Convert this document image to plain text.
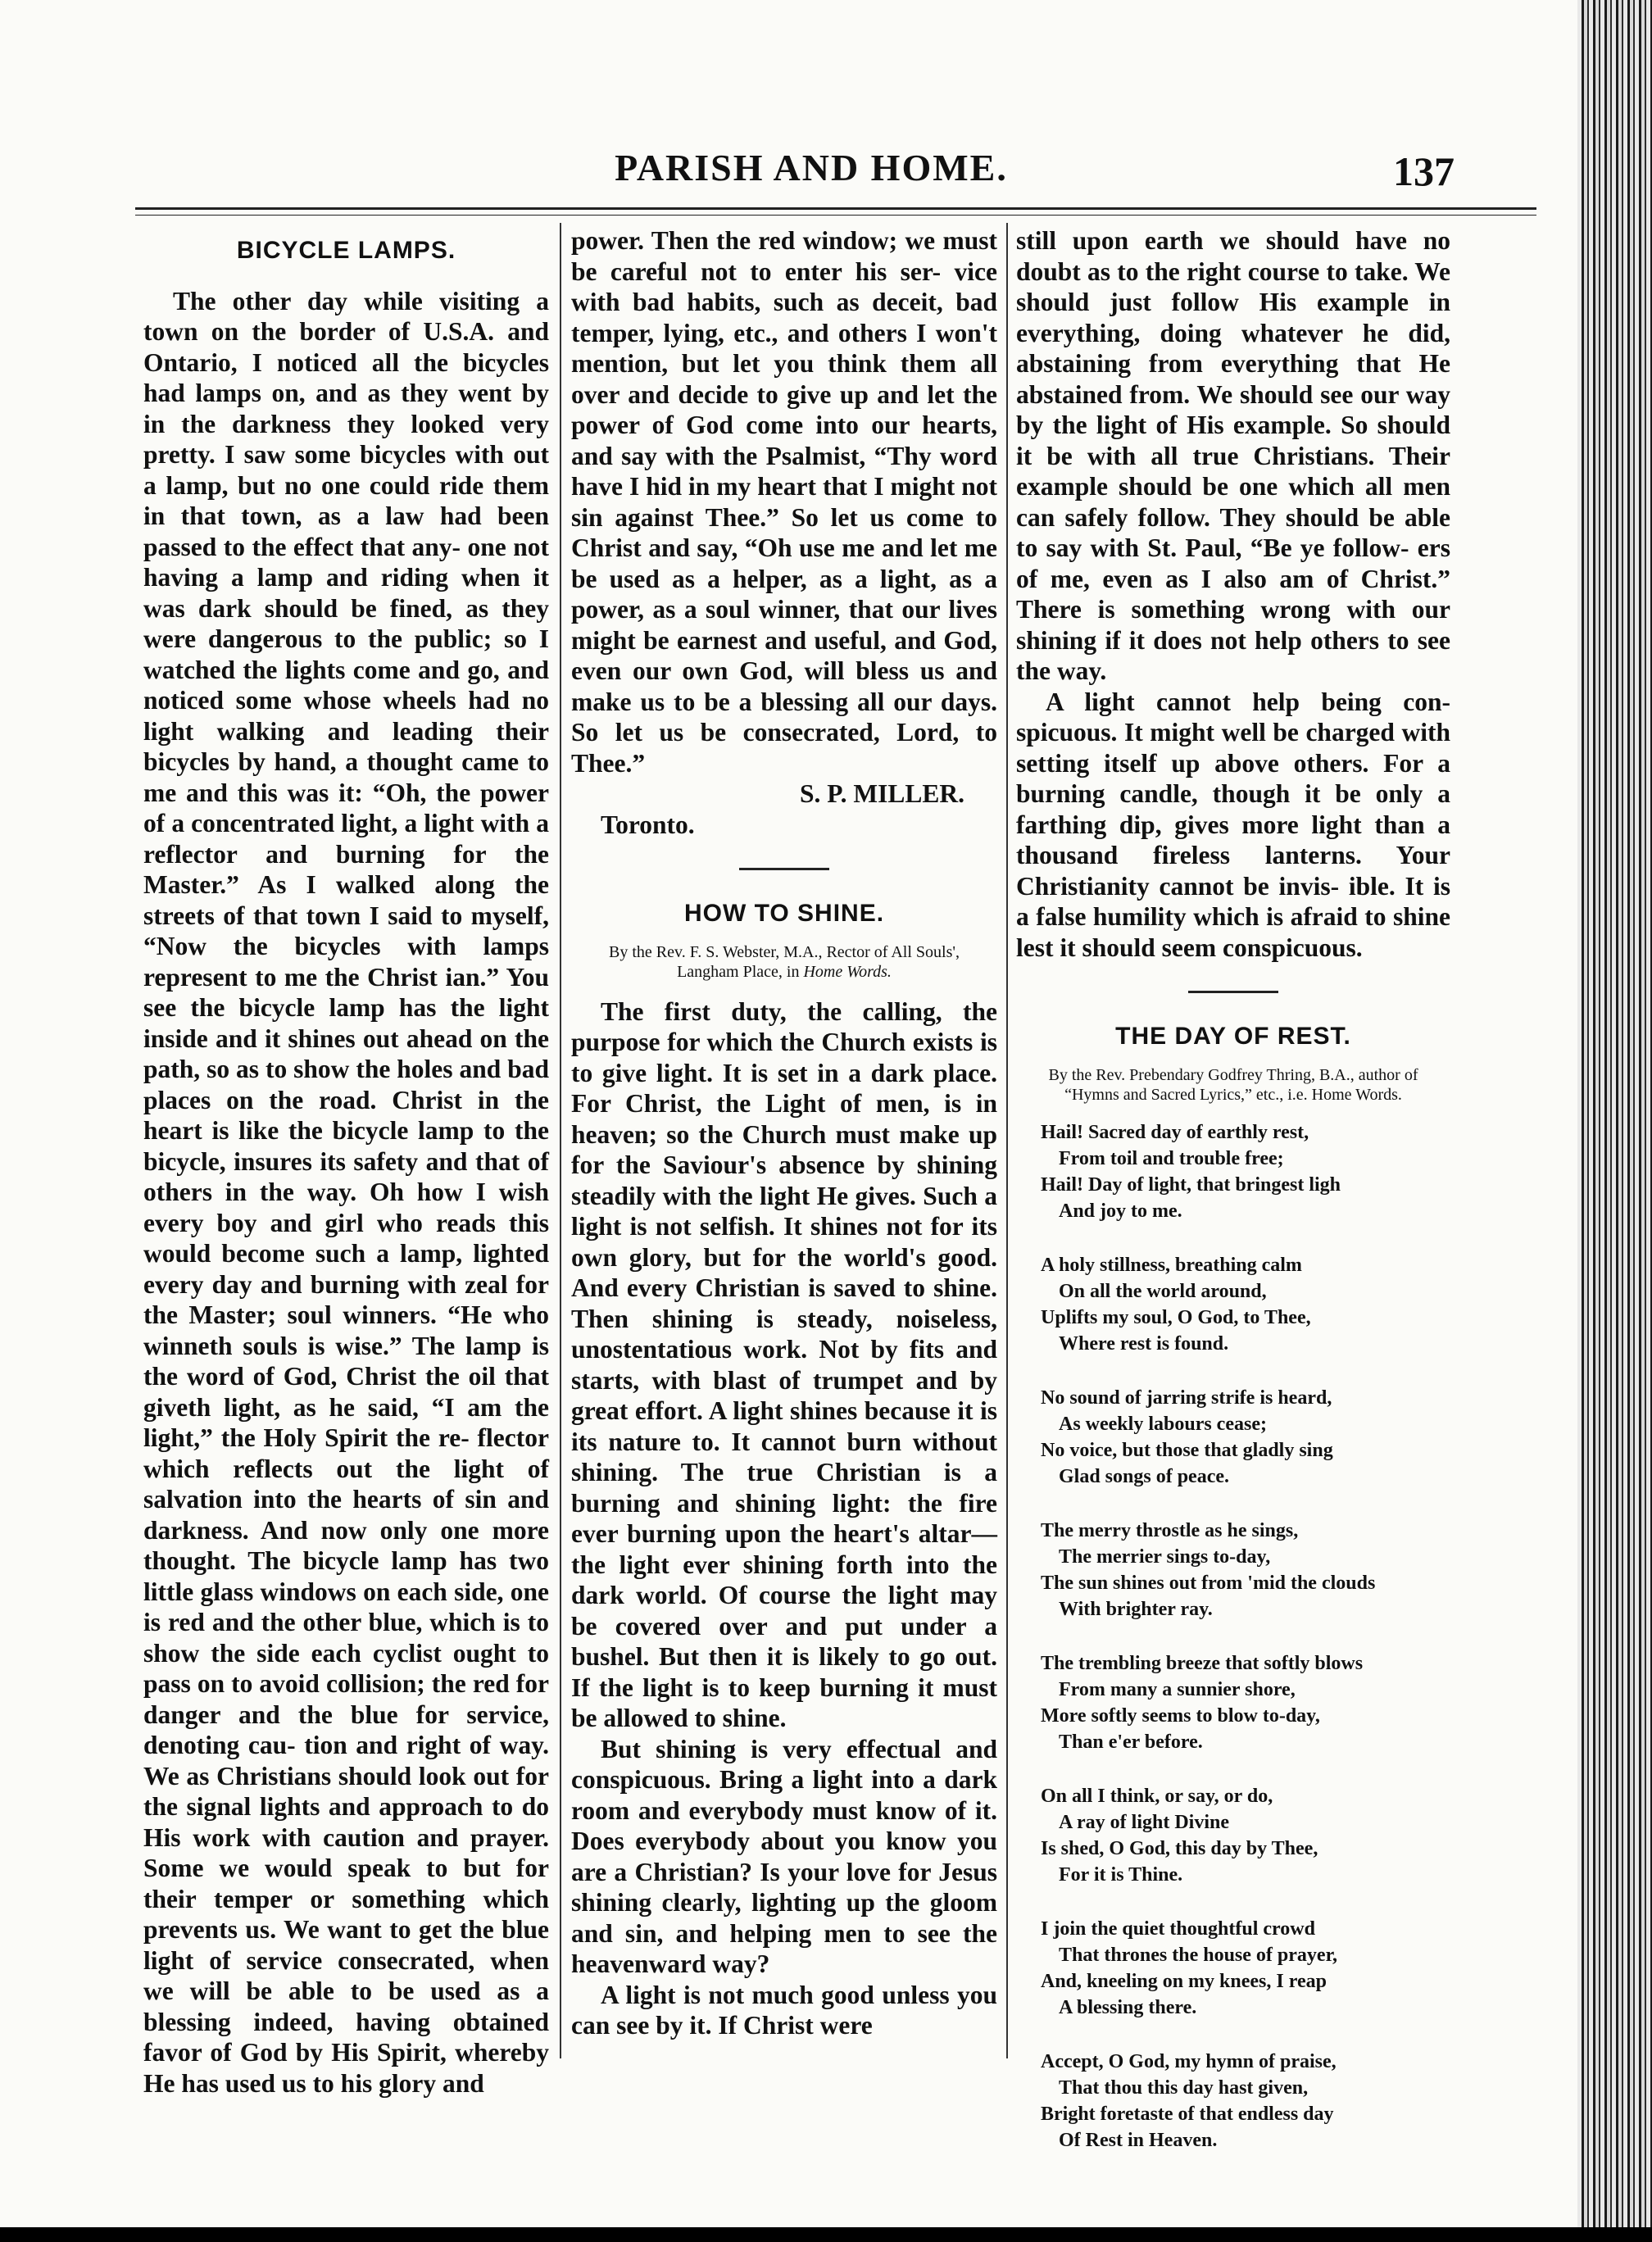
PARISH AND HOME.	137
BICYCLE LAMPS.

The other day while visiting a town on the border of U.S.A. and Ontario, I noticed all the bicycles had lamps on, and as they went by in the darkness they looked very pretty. I saw some bicycles with out a lamp, but no one could ride them in that town, as a law had been passed to the effect that any- one not having a lamp and riding when it was dark should be fined, as they were dangerous to the public; so I watched the lights come and go, and noticed some whose wheels had no light walking and leading their bicycles by hand, a thought came to me and this was it: “Oh, the power of a concentrated light, a light with a reflector and burning for the Master.” As I walked along the streets of that town I said to myself, “Now the bicycles with lamps represent to me the Christ ian.” You see the bicycle lamp has the light inside and it shines out ahead on the path, so as to show the holes and bad places on the road. Christ in the heart is like the bicycle lamp to the bicycle, insures its safety and that of others in the way. Oh how I wish every boy and girl who reads this would become such a lamp, lighted every day and burning with zeal for the Master; soul winners. “He who winneth souls is wise.” The lamp is the word of God, Christ the oil that giveth light, as he said, “I am the light,” the Holy Spirit the re- flector which reflects out the light of salvation into the hearts of sin and darkness. And now only one more thought. The bicycle lamp has two little glass windows on each side, one is red and the other blue, which is to show the side each cyclist ought to pass on to avoid collision; the red for danger and the blue for service, denoting cau- tion and right of way. We as Christians should look out for the signal lights and approach to do His work with caution and prayer. Some we would speak to but for their temper or something which prevents us. We want to get the blue light of service consecrated, when we will be able to be used as a blessing indeed, having obtained favor of God by His Spirit, whereby He has used us to his glory and

power. Then the red window; we must be careful not to enter his ser- vice with bad habits, such as deceit, bad temper, lying, etc., and others I won't mention, but let you think them all over and decide to give up and let the power of God come into our hearts, and say with the Psalmist, “Thy word have I hid in my heart that I might not sin against Thee.” So let us come to Christ and say, “Oh use me and let me be used as a helper, as a light, as a power, as a soul winner, that our lives might be earnest and useful, and God, even our own God, will bless us and make us to be a blessing all our days. So let us be consecrated, Lord, to Thee.”

S. P. MILLER.

Toronto.

HOW TO SHINE.
By the Rev. F. S. Webster, M.A., Rector of All Souls', Langham Place, in Home Words.

The first duty, the calling, the purpose for which the Church exists is to give light. It is set in a dark place. For Christ, the Light of men, is in heaven; so the Church must make up for the Saviour's absence by shining steadily with the light He gives. Such a light is not selfish. It shines not for its own glory, but for the world's good. And every Christian is saved to shine. Then shining is steady, noiseless, unostentatious work. Not by fits and starts, with blast of trumpet and by great effort. A light shines because it is its nature to. It cannot burn without shining. The true Christian is a burning and shining light: the fire ever burning upon the heart's altar—the light ever shining forth into the dark world. Of course the light may be covered over and put under a bushel. But then it is likely to go out. If the light is to keep burning it must be allowed to shine.

But shining is very effectual and conspicuous. Bring a light into a dark room and everybody must know of it. Does everybody about you know you are a Christian? Is your love for Jesus shining clearly, lighting up the gloom and sin, and helping men to see the heavenward way?

A light is not much good unless you can see by it. If Christ were

still upon earth we should have no doubt as to the right course to take. We should just follow His example in everything, doing whatever he did, abstaining from everything that He abstained from. We should see our way by the light of His example. So should it be with all true Christians. Their example should be one which all men can safely follow. They should be able to say with St. Paul, “Be ye follow- ers of me, even as I also am of Christ.” There is something wrong with our shining if it does not help others to see the way.

A light cannot help being con- spicuous. It might well be charged with setting itself up above others. For a burning candle, though it be only a farthing dip, gives more light than a thousand fireless lanterns. Your Christianity cannot be invis- ible. It is a false humility which is afraid to shine lest it should seem conspicuous.

THE DAY OF REST.
By the Rev. Prebendary Godfrey Thring, B.A., author of “Hymns and Sacred Lyrics,” etc., i.e. Home Words.
Hail! Sacred day of earthly rest,
From toil and trouble free;
Hail! Day of light, that bringest ligh
And joy to me.
A holy stillness, breathing calm
On all the world around,
Uplifts my soul, O God, to Thee,
Where rest is found.
No sound of jarring strife is heard,
As weekly labours cease;
No voice, but those that gladly sing
Glad songs of peace.
The merry throstle as he sings,
The merrier sings to-day,
The sun shines out from 'mid the clouds
With brighter ray.
The trembling breeze that softly blows
From many a sunnier shore,
More softly seems to blow to-day,
Than e'er before.
On all I think, or say, or do,
A ray of light Divine
Is shed, O God, this day by Thee,
For it is Thine.
I join the quiet thoughtful crowd
That thrones the house of prayer,
And, kneeling on my knees, I reap
A blessing there.
Accept, O God, my hymn of praise,
That thou this day hast given,
Bright foretaste of that endless day
Of Rest in Heaven.
